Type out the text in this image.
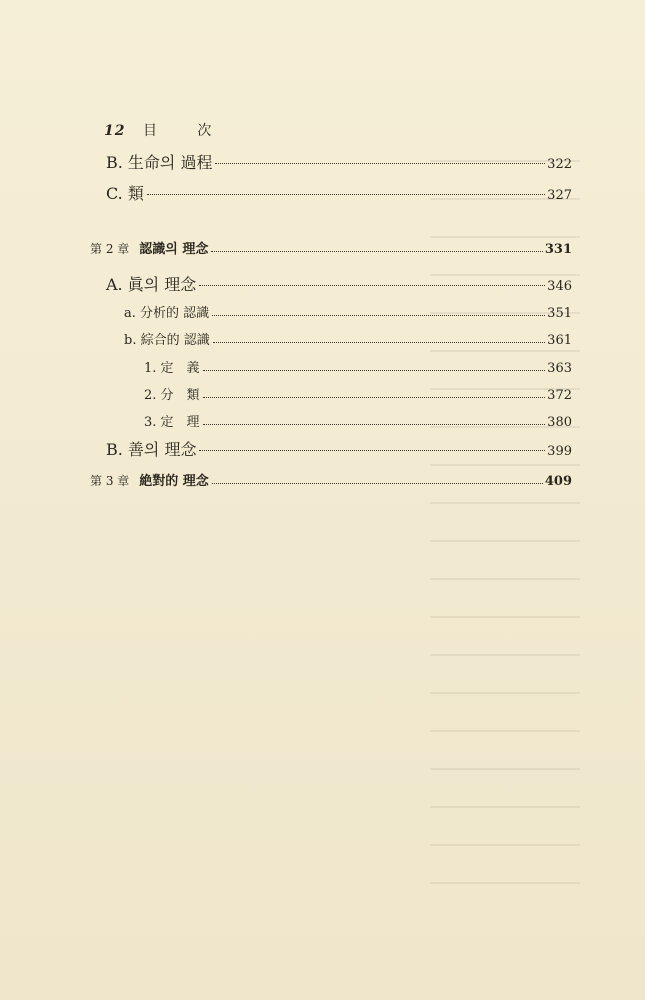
12 目 次
B. 生命의 過程	322
C. 類	327
第 2 章 認識의 理念	331
A. 眞의 理念	346
a. 分析的 認識	351
b. 綜合的 認識	361
1. 定　義	363
2. 分　類	372
3. 定　理	380
B. 善의 理念	399
第 3 章 絶對的 理念	409
